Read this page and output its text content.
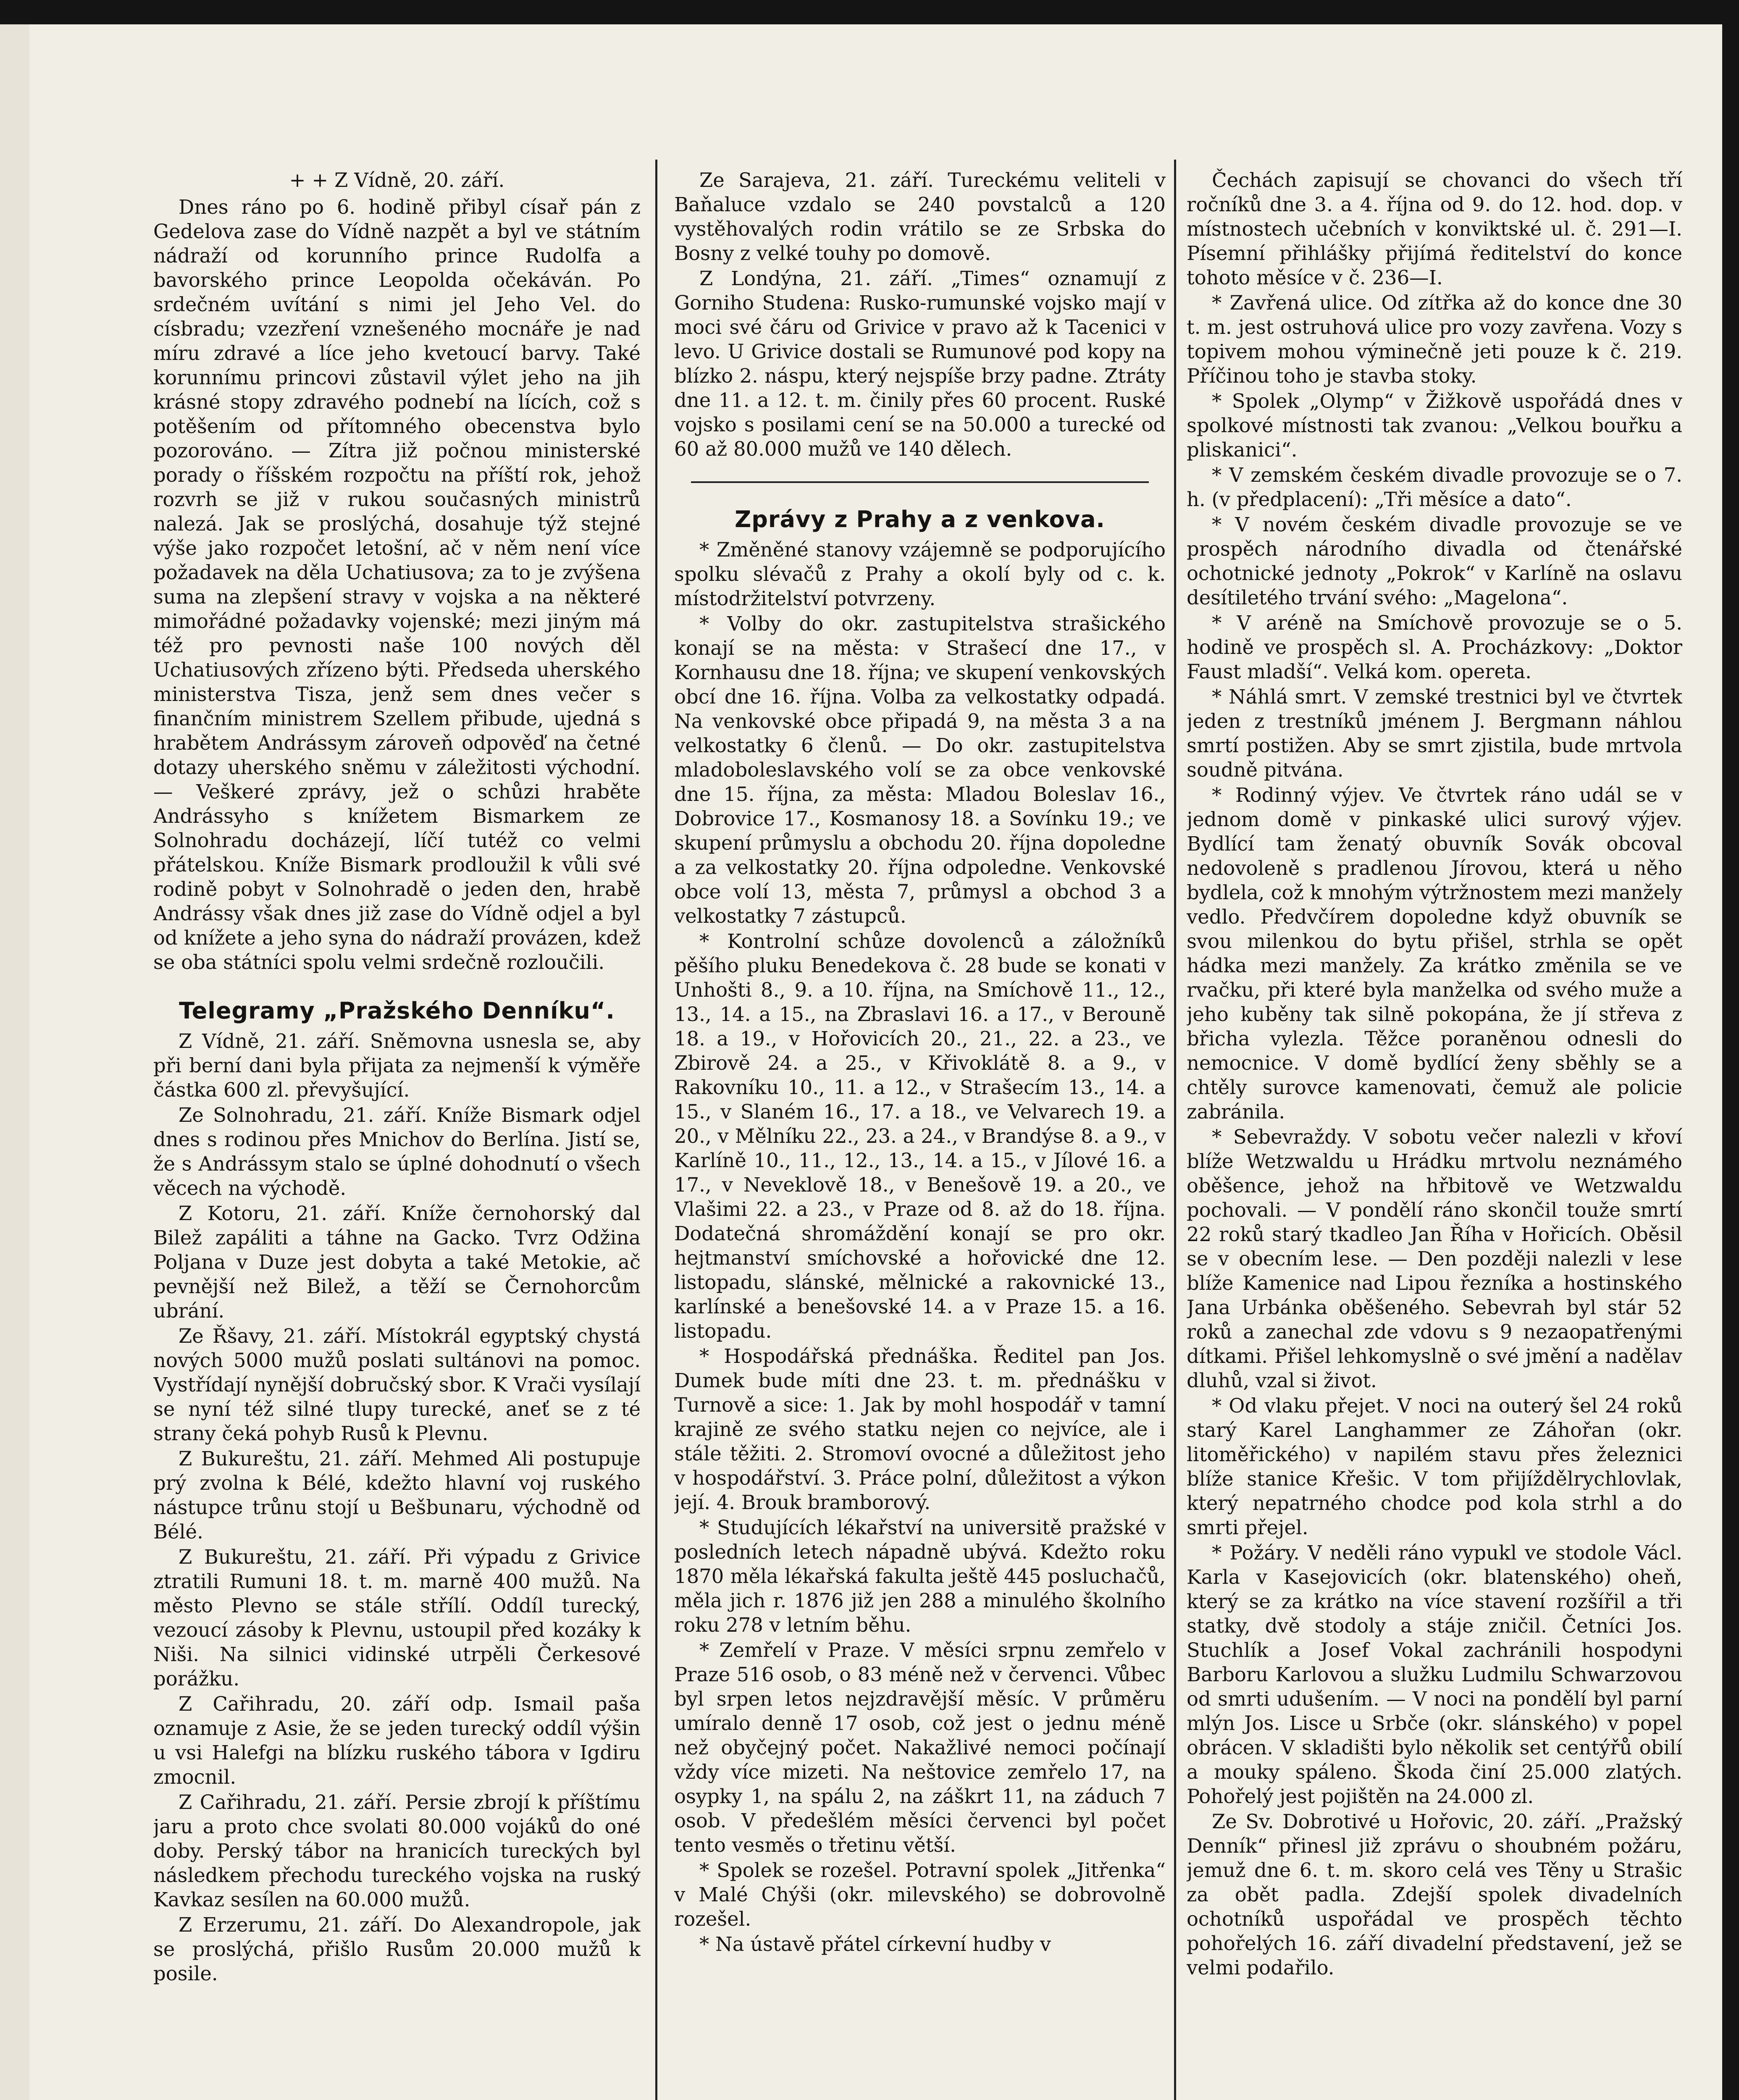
+ + Z Vídně, 20. září.

Dnes ráno po 6. hodině přibyl císař pán z Gedelova zase do Vídně nazpět a byl ve státním nádraží od korunního prince Rudolfa a bavorského prince Leopolda očekáván. Po srdečném uvítání s nimi jel Jeho Vel. do císbradu; vzezření vznešeného mocnáře je nad míru zdravé a líce jeho kvetoucí barvy. Také korunnímu princovi zůstavil výlet jeho na jih krásné stopy zdravého podnebí na lících, což s potěšením od přítomného obecenstva bylo pozorováno. — Zítra již počnou ministerské porady o říšském rozpočtu na příští rok, jehož rozvrh se již v rukou současných ministrů nalezá. Jak se proslýchá, dosahuje týž stejné výše jako rozpočet letošní, ač v něm není více požadavek na děla Uchatiusova; za to je zvýšena suma na zlepšení stravy v vojska a na některé mimořádné požadavky vojenské; mezi jiným má též pro pevnosti naše 100 nových děl Uchatiusových zřízeno býti. Předseda uherského ministerstva Tisza, jenž sem dnes večer s finančním ministrem Szellem přibude, ujedná s hrabětem Andrássym zároveň odpověď na četné dotazy uherského sněmu v záležitosti východní. — Veškeré zprávy, jež o schůzi hraběte Andrássyho s knížetem Bismarkem ze Solnohradu docházejí, líčí tutéž co velmi přátelskou. Kníže Bismark prodloužil k vůli své rodině pobyt v Solnohradě o jeden den, hrabě Andrássy však dnes již zase do Vídně odjel a byl od knížete a jeho syna do nádraží provázen, kdež se oba státníci spolu velmi srdečně rozloučili.

Telegramy „Pražského Denníku“.

Z Vídně, 21. září. Sněmovna usnesla se, aby při berní dani byla přijata za nejmenší k výměře částka 600 zl. převyšující.

Ze Solnohradu, 21. září. Kníže Bismark odjel dnes s rodinou přes Mnichov do Berlína. Jistí se, že s Andrássym stalo se úplné dohodnutí o všech věcech na východě.

Z Kotoru, 21. září. Kníže černohorský dal Bilež zapáliti a táhne na Gacko. Tvrz Odžina Poljana v Duze jest dobyta a také Metokie, ač pevnější než Bilež, a těží se Černohorcům ubrání.

Ze Řšavy, 21. září. Místokrál egyptský chystá nových 5000 mužů poslati sultánovi na pomoc. Vystřídají nynější dobručský sbor. K Vrači vysílají se nyní též silné tlupy turecké, aneť se z té strany čeká pohyb Rusů k Plevnu.

Z Bukureštu, 21. září. Mehmed Ali postupuje prý zvolna k Bélé, kdežto hlavní voj ruského nástupce trůnu stojí u Bešbunaru, východně od Bélé.

Z Bukureštu, 21. září. Při výpadu z Grivice ztratili Rumuni 18. t. m. marně 400 mužů. Na město Plevno se stále střílí. Oddíl turecký, vezoucí zásoby k Plevnu, ustoupil před kozáky k Niši. Na silnici vidinské utrpěli Čerkesové porážku.

Z Cařihradu, 20. září odp. Ismail paša oznamuje z Asie, že se jeden turecký oddíl výšin u vsi Halefgi na blízku ruského tábora v Igdiru zmocnil.

Z Cařihradu, 21. září. Persie zbrojí k příštímu jaru a proto chce svolati 80.000 vojáků do oné doby. Perský tábor na hranicích tureckých byl následkem přechodu tureckého vojska na ruský Kavkaz sesílen na 60.000 mužů.

Z Erzerumu, 21. září. Do Alexandropole, jak se proslýchá, přišlo Rusům 20.000 mužů k posile.

Ze Sarajeva, 21. září. Tureckému veliteli v Baňaluce vzdalo se 240 povstalců a 120 vystěhovalých rodin vrátilo se ze Srbska do Bosny z velké touhy po domově.

Z Londýna, 21. září. „Times“ oznamují z Gorniho Studena: Rusko-rumunské vojsko mají v moci své čáru od Grivice v pravo až k Tacenici v levo. U Grivice dostali se Rumunové pod kopy na blízko 2. náspu, který nejspíše brzy padne. Ztráty dne 11. a 12. t. m. činily přes 60 procent. Ruské vojsko s posilami cení se na 50.000 a turecké od 60 až 80.000 mužů ve 140 dělech.

Zprávy z Prahy a z venkova.

* Změněné stanovy vzájemně se podporujícího spolku slévačů z Prahy a okolí byly od c. k. místodržitelství potvrzeny.

* Volby do okr. zastupitelstva strašického konají se na města: v Strašecí dne 17., v Kornhausu dne 18. října; ve skupení venkovských obcí dne 16. října. Volba za velkostatky odpadá. Na venkovské obce připadá 9, na města 3 a na velkostatky 6 členů. — Do okr. zastupitelstva mladoboleslavského volí se za obce venkovské dne 15. října, za města: Mladou Boleslav 16., Dobrovice 17., Kosmanosy 18. a Sovínku 19.; ve skupení průmyslu a obchodu 20. října dopoledne a za velkostatky 20. října odpoledne. Venkovské obce volí 13, města 7, průmysl a obchod 3 a velkostatky 7 zástupců.

* Kontrolní schůze dovolenců a záložníků pěšího pluku Benedekova č. 28 bude se konati v Unhošti 8., 9. a 10. října, na Smíchově 11., 12., 13., 14. a 15., na Zbraslavi 16. a 17., v Berouně 18. a 19., v Hořovicích 20., 21., 22. a 23., ve Zbirově 24. a 25., v Křivoklátě 8. a 9., v Rakovníku 10., 11. a 12., v Strašecím 13., 14. a 15., v Slaném 16., 17. a 18., ve Velvarech 19. a 20., v Mělníku 22., 23. a 24., v Brandýse 8. a 9., v Karlíně 10., 11., 12., 13., 14. a 15., v Jílové 16. a 17., v Neveklově 18., v Benešově 19. a 20., ve Vlašimi 22. a 23., v Praze od 8. až do 18. října. Dodatečná shromáždění konají se pro okr. hejtmanství smíchovské a hořovické dne 12. listopadu, slánské, mělnické a rakovnické 13., karlínské a benešovské 14. a v Praze 15. a 16. listopadu.

* Hospodářská přednáška. Ředitel pan Jos. Dumek bude míti dne 23. t. m. přednášku v Turnově a sice: 1. Jak by mohl hospodář v tamní krajině ze svého statku nejen co nejvíce, ale i stále těžiti. 2. Stromoví ovocné a důležitost jeho v hospodářství. 3. Práce polní, důležitost a výkon její. 4. Brouk bramborový.

* Studujících lékařství na universitě pražské v posledních letech nápadně ubývá. Kdežto roku 1870 měla lékařská fakulta ještě 445 posluchačů, měla jich r. 1876 již jen 288 a minulého školního roku 278 v letním běhu.

* Zemřelí v Praze. V měsíci srpnu zemřelo v Praze 516 osob, o 83 méně než v červenci. Vůbec byl srpen letos nejzdravější měsíc. V průměru umíralo denně 17 osob, což jest o jednu méně než obyčejný počet. Nakažlivé nemoci počínají vždy více mizeti. Na neštovice zemřelo 17, na osypky 1, na spálu 2, na záškrt 11, na záduch 7 osob. V předešlém měsíci červenci byl počet tento vesměs o třetinu větší.

* Spolek se rozešel. Potravní spolek „Jitřenka“ v Malé Chýši (okr. milevského) se dobrovolně rozešel.

* Na ústavě přátel církevní hudby v

Čechách zapisují se chovanci do všech tří ročníků dne 3. a 4. října od 9. do 12. hod. dop. v místnostech učebních v konviktské ul. č. 291—I. Písemní přihlášky přijímá ředitelství do konce tohoto měsíce v č. 236—I.

* Zavřená ulice. Od zítřka až do konce dne 30 t. m. jest ostruhová ulice pro vozy zavřena. Vozy s topivem mohou výminečně jeti pouze k č. 219. Příčinou toho je stavba stoky.

* Spolek „Olymp“ v Žižkově uspořádá dnes v spolkové místnosti tak zvanou: „Velkou bouřku a pliskanici“.

* V zemském českém divadle provozuje se o 7. h. (v předplacení): „Tři měsíce a dato“.

* V novém českém divadle provozuje se ve prospěch národního divadla od čtenářské ochotnické jednoty „Pokrok“ v Karlíně na oslavu desítiletého trvání svého: „Magelona“.

* V aréně na Smíchově provozuje se o 5. hodině ve prospěch sl. A. Procházkovy: „Doktor Faust mladší“. Velká kom. opereta.

* Náhlá smrt. V zemské trestnici byl ve čtvrtek jeden z trestníků jménem J. Bergmann náhlou smrtí postižen. Aby se smrt zjistila, bude mrtvola soudně pitvána.

* Rodinný výjev. Ve čtvrtek ráno udál se v jednom domě v pinkaské ulici surový výjev. Bydlící tam ženatý obuvník Sovák obcoval nedovoleně s pradlenou Jírovou, která u něho bydlela, což k mnohým výtržnostem mezi manžely vedlo. Předvčírem dopoledne když obuvník se svou milenkou do bytu přišel, strhla se opět hádka mezi manžely. Za krátko změnila se ve rvačku, při které byla manželka od svého muže a jeho kuběny tak silně pokopána, že jí střeva z břicha vylezla. Těžce poraněnou odnesli do nemocnice. V domě bydlící ženy sběhly se a chtěly surovce kamenovati, čemuž ale policie zabránila.

* Sebevraždy. V sobotu večer nalezli v křoví blíže Wetzwaldu u Hrádku mrtvolu neznámého oběšence, jehož na hřbitově ve Wetzwaldu pochovali. — V pondělí ráno skončil touže smrtí 22 roků starý tkadleo Jan Říha v Hořicích. Oběsil se v obecním lese. — Den později nalezli v lese blíže Kamenice nad Lipou řezníka a hostinského Jana Urbánka oběšeného. Sebevrah byl stár 52 roků a zanechal zde vdovu s 9 nezaopatřenými dítkami. Přišel lehkomyslně o své jmění a nadělav dluhů, vzal si život.

* Od vlaku přejet. V noci na outerý šel 24 roků starý Karel Langhammer ze Záhořan (okr. litoměřického) v napilém stavu přes železnici blíže stanice Křešic. V tom přijíždělrychlovlak, který nepatrného chodce pod kola strhl a do smrti přejel.

* Požáry. V neděli ráno vypukl ve stodole Václ. Karla v Kasejovicích (okr. blatenského) oheň, který se za krátko na více stavení rozšířil a tři statky, dvě stodoly a stáje zničil. Četníci Jos. Stuchlík a Josef Vokal zachránili hospodyni Barboru Karlovou a služku Ludmilu Schwarzovou od smrti udušením. — V noci na pondělí byl parní mlýn Jos. Lisce u Srbče (okr. slánského) v popel obrácen. V skladišti bylo několik set centýřů obilí a mouky spáleno. Škoda činí 25.000 zlatých. Pohořelý jest pojištěn na 24.000 zl.

Ze Sv. Dobrotivé u Hořovic, 20. září. „Pražský Denník“ přinesl již zprávu o shoubném požáru, jemuž dne 6. t. m. skoro celá ves Těny u Strašic za obět padla. Zdejší spolek divadelních ochotníků uspořádal ve prospěch těchto pohořelých 16. září divadelní představení, jež se velmi podařilo.
